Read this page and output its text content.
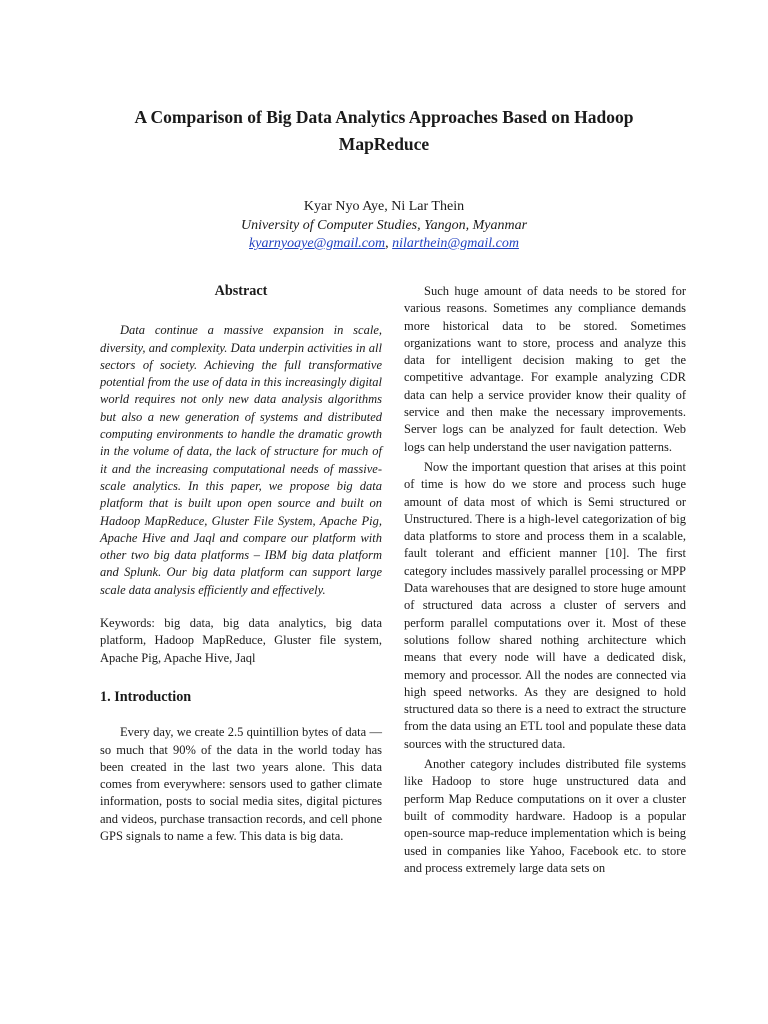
A Comparison of Big Data Analytics Approaches Based on Hadoop MapReduce
Kyar Nyo Aye, Ni Lar Thein
University of Computer Studies, Yangon, Myanmar
kyarnyoaye@gmail.com, nilarthein@gmail.com
Abstract

Data continue a massive expansion in scale, diversity, and complexity. Data underpin activities in all sectors of society. Achieving the full transformative potential from the use of data in this increasingly digital world requires not only new data analysis algorithms but also a new generation of systems and distributed computing environments to handle the dramatic growth in the volume of data, the lack of structure for much of it and the increasing computational needs of massive-scale analytics. In this paper, we propose big data platform that is built upon open source and built on Hadoop MapReduce, Gluster File System, Apache Pig, Apache Hive and Jaql and compare our platform with other two big data platforms – IBM big data platform and Splunk. Our big data platform can support large scale data analysis efficiently and effectively.

Keywords: big data, big data analytics, big data platform, Hadoop MapReduce, Gluster file system, Apache Pig, Apache Hive, Jaql

1. Introduction

Every day, we create 2.5 quintillion bytes of data — so much that 90% of the data in the world today has been created in the last two years alone. This data comes from everywhere: sensors used to gather climate information, posts to social media sites, digital pictures and videos, purchase transaction records, and cell phone GPS signals to name a few. This data is big data.

Such huge amount of data needs to be stored for various reasons. Sometimes any compliance demands more historical data to be stored. Sometimes organizations want to store, process and analyze this data for intelligent decision making to get the competitive advantage. For example analyzing CDR data can help a service provider know their quality of service and then make the necessary improvements. Server logs can be analyzed for fault detection. Web logs can help understand the user navigation patterns.

Now the important question that arises at this point of time is how do we store and process such huge amount of data most of which is Semi structured or Unstructured. There is a high-level categorization of big data platforms to store and process them in a scalable, fault tolerant and efficient manner [10]. The first category includes massively parallel processing or MPP Data warehouses that are designed to store huge amount of structured data across a cluster of servers and perform parallel computations over it. Most of these solutions follow shared nothing architecture which means that every node will have a dedicated disk, memory and processor. All the nodes are connected via high speed networks. As they are designed to hold structured data so there is a need to extract the structure from the data using an ETL tool and populate these data sources with the structured data.

Another category includes distributed file systems like Hadoop to store huge unstructured data and perform Map Reduce computations on it over a cluster built of commodity hardware. Hadoop is a popular open-source map-reduce implementation which is being used in companies like Yahoo, Facebook etc. to store and process extremely large data sets on
